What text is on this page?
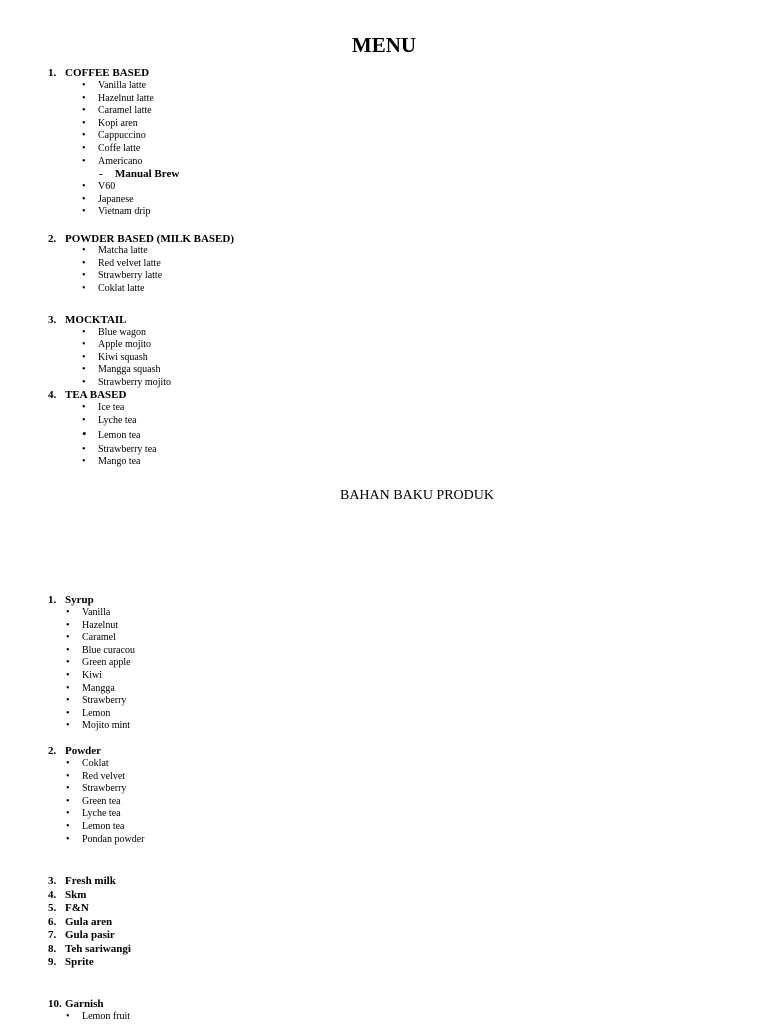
MENU
1. COFFEE BASED
• Vanilla latte
• Hazelnut latte
• Caramel latte
• Kopi aren
• Cappuccino
• Coffe latte
• Americano
- Manual Brew
• V60
• Japanese
• Vietnam drip
2. POWDER BASED (MILK BASED)
• Matcha latte
• Red velvet latte
• Strawberry latte
• Coklat latte
3. MOCKTAIL
• Blue wagon
• Apple mojito
• Kiwi squash
• Mangga squash
• Strawberry mojito
4. TEA BASED
• Ice tea
• Lyche tea
• Lemon tea
• Strawberry tea
• Mango tea
BAHAN BAKU PRODUK
1. Syrup
• Vanilla
• Hazelnut
• Caramel
• Blue curacou
• Green apple
• Kiwi
• Mangga
• Strawberry
• Lemon
• Mojito mint
2. Powder
• Coklat
• Red velvet
• Strawberry
• Green tea
• Lyche tea
• Lemon tea
• Pondan powder
3. Fresh milk
4. Skm
5. F&N
6. Gula aren
7. Gula pasir
8. Teh sariwangi
9. Sprite
10. Garnish
• Lemon fruit
